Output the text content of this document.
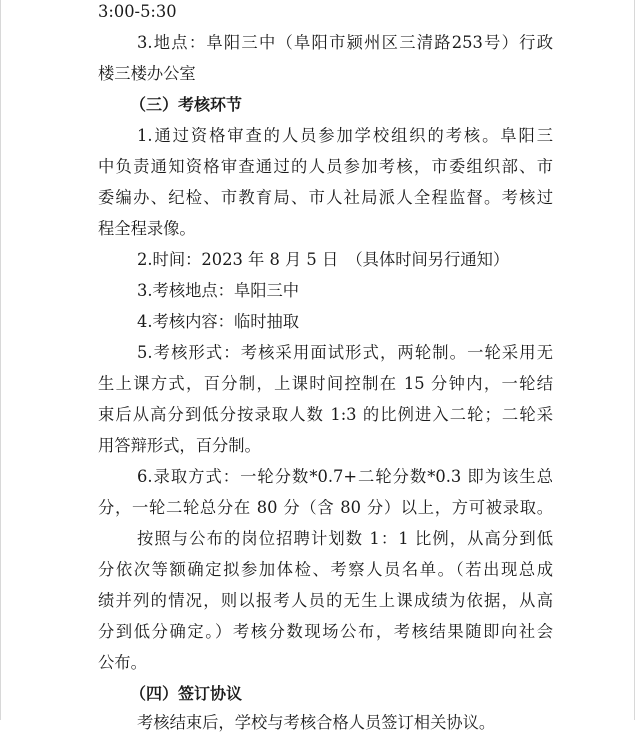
3:00-5:30
3.地点：阜阳三中（阜阳市颍州区三清路253号）行政
楼三楼办公室
（三）考核环节
1.通过资格审查的人员参加学校组织的考核。阜阳三
中负责通知资格审查通过的人员参加考核，市委组织部、市
委编办、纪检、市教育局、市人社局派人全程监督。考核过
程全程录像。
2.时间：2023 年 8 月 5 日　（具体时间另行通知）
3.考核地点：阜阳三中
4.考核内容：临时抽取
5.考核形式：考核采用面试形式，两轮制。一轮采用无
生上课方式，百分制，上课时间控制在 15 分钟内，一轮结
束后从高分到低分按录取人数 1:3 的比例进入二轮；二轮采
用答辩形式，百分制。
6.录取方式：一轮分数*0.7+二轮分数*0.3 即为该生总
分，一轮二轮总分在 80 分（含 80 分）以上，方可被录取。
按照与公布的岗位招聘计划数 1：1 比例，从高分到低
分依次等额确定拟参加体检、考察人员名单。（若出现总成
绩并列的情况，则以报考人员的无生上课成绩为依据，从高
分到低分确定。）考核分数现场公布，考核结果随即向社会
公布。
（四）签订协议
考核结束后，学校与考核合格人员签订相关协议。
